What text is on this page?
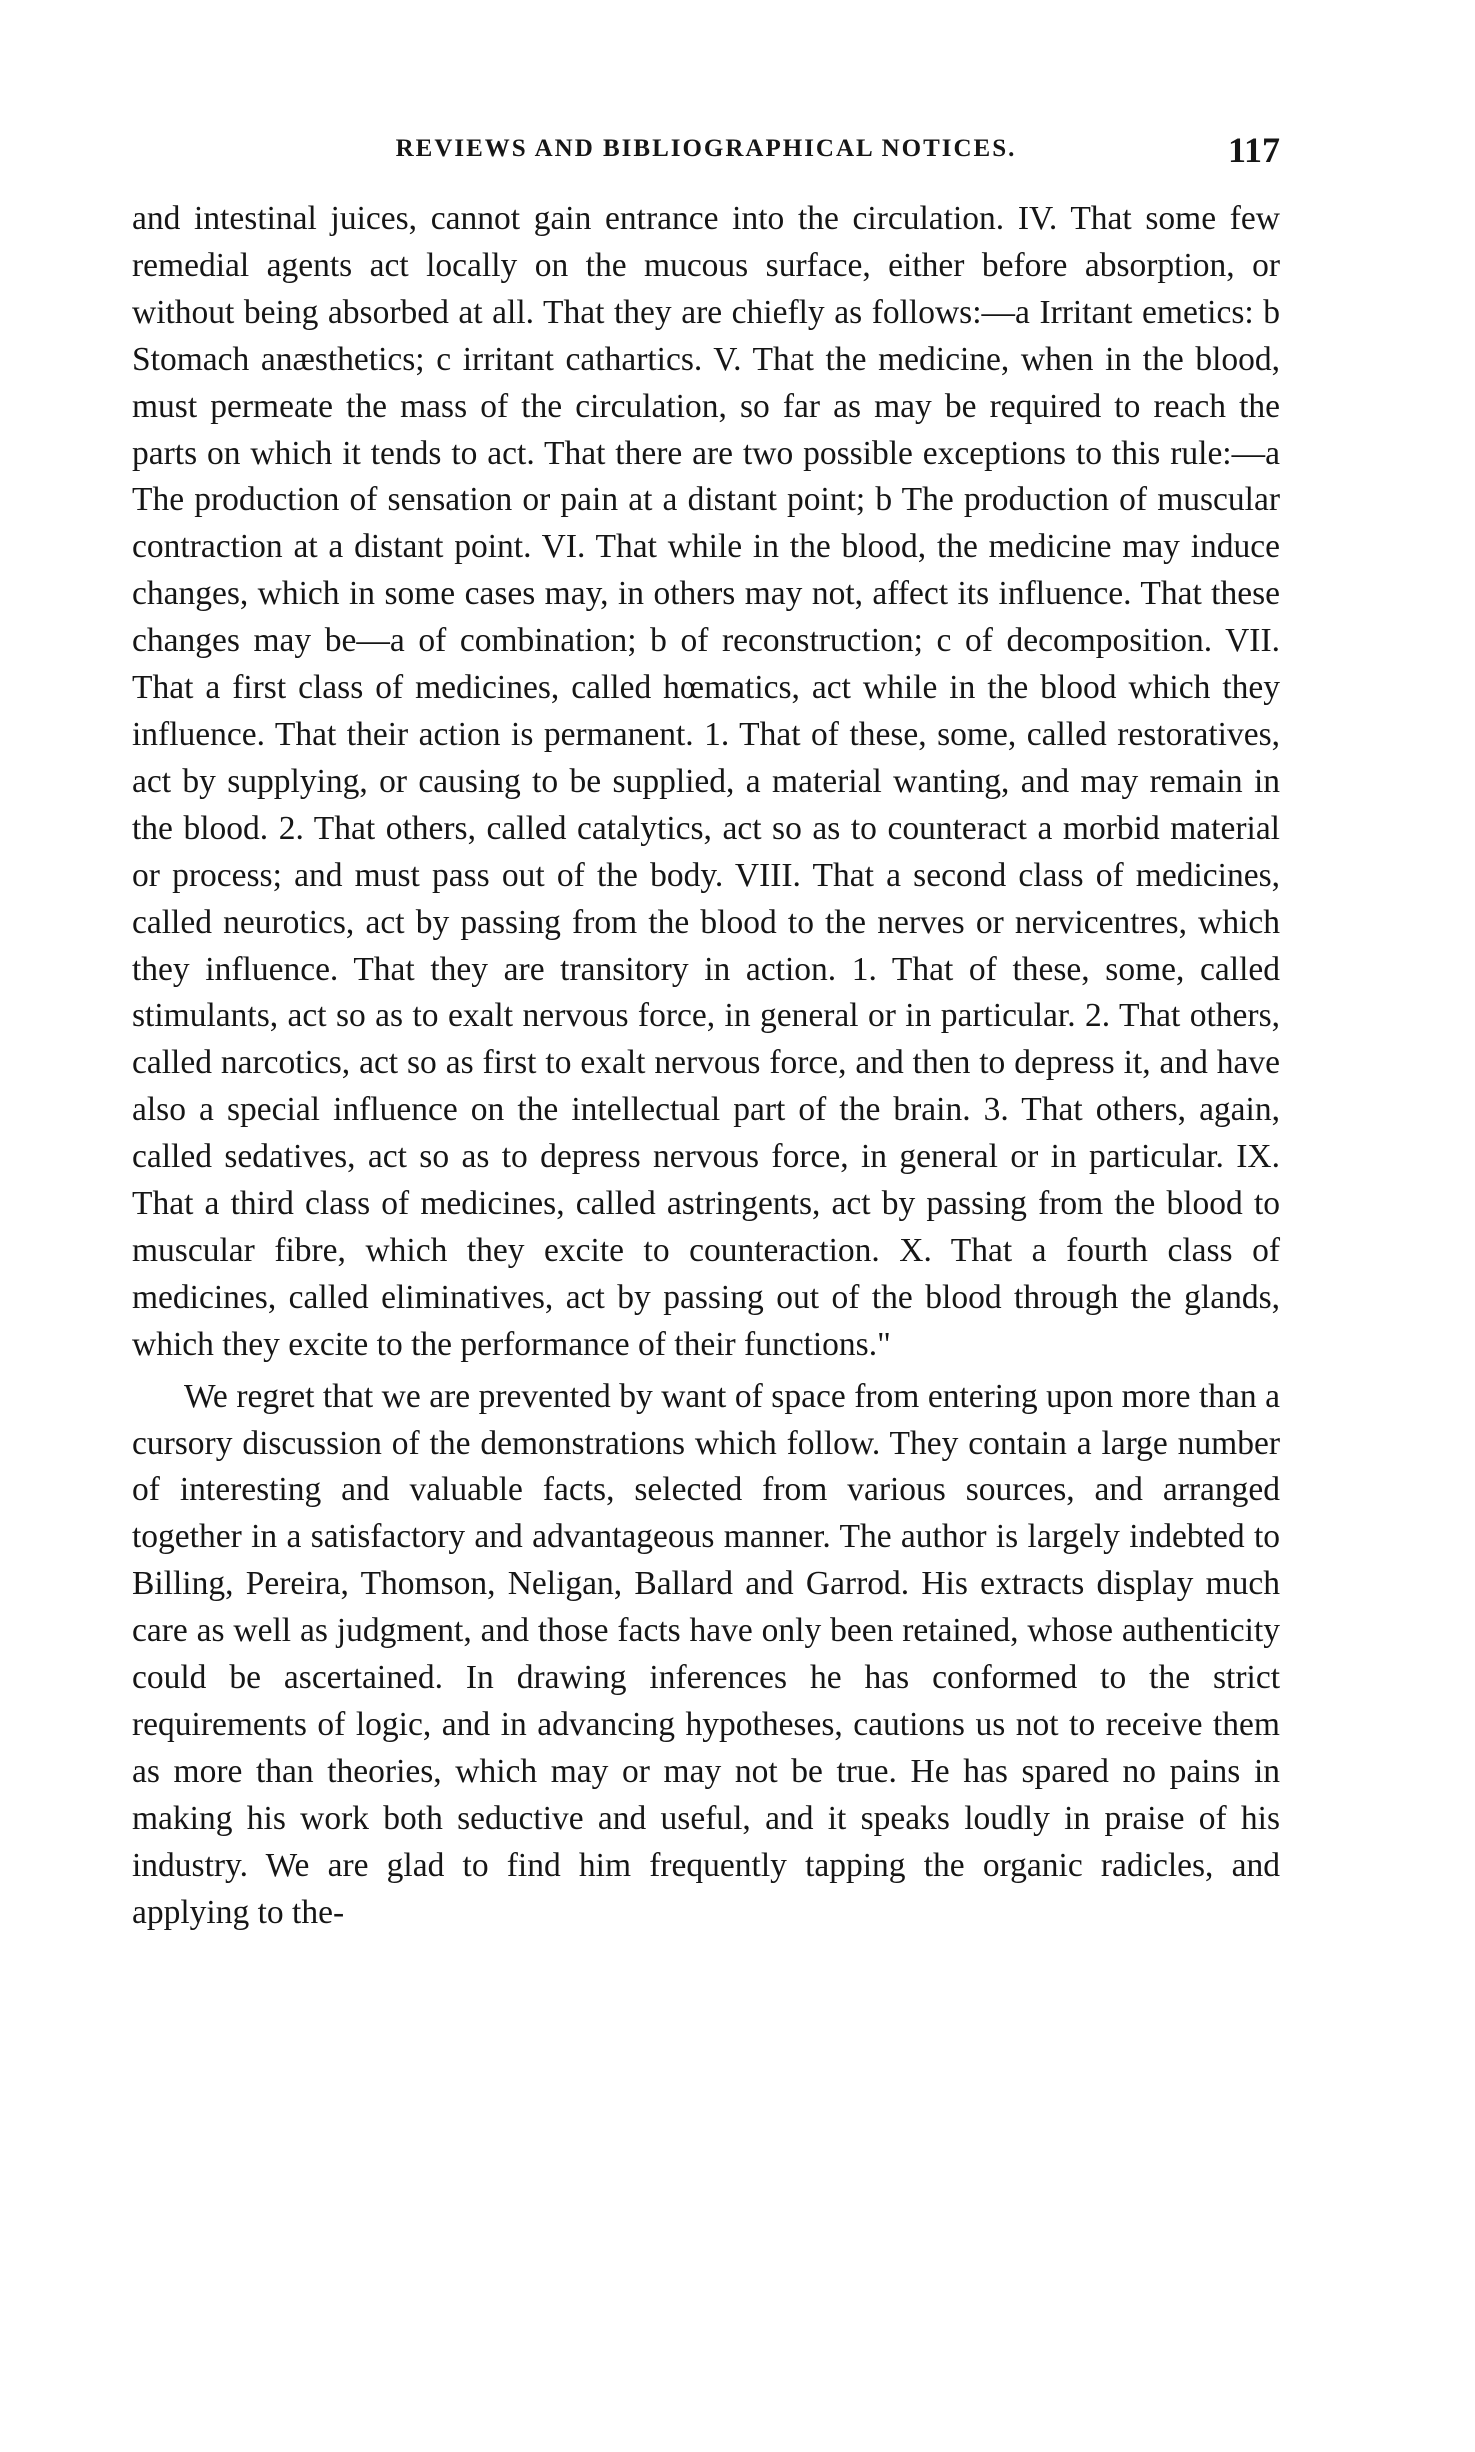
REVIEWS AND BIBLIOGRAPHICAL NOTICES.	117

and intestinal juices, cannot gain entrance into the circulation. IV. That some few remedial agents act locally on the mucous surface, either before absorption, or without being absorbed at all. That they are chiefly as follows:—a Irritant emetics: b Stomach anæsthetics; c irritant cathartics. V. That the medicine, when in the blood, must permeate the mass of the circulation, so far as may be required to reach the parts on which it tends to act. That there are two possible exceptions to this rule:—a The production of sensation or pain at a distant point; b The production of muscular contraction at a distant point. VI. That while in the blood, the medicine may induce changes, which in some cases may, in others may not, affect its influence. That these changes may be—a of combination; b of reconstruction; c of decomposition. VII. That a first class of medicines, called hœmatics, act while in the blood which they influence. That their action is permanent. 1. That of these, some, called restoratives, act by supplying, or causing to be supplied, a material wanting, and may remain in the blood. 2. That others, called catalytics, act so as to counteract a morbid material or process; and must pass out of the body. VIII. That a second class of medicines, called neurotics, act by passing from the blood to the nerves or nervicentres, which they influence. That they are transitory in action. 1. That of these, some, called stimulants, act so as to exalt nervous force, in general or in particular. 2. That others, called narcotics, act so as first to exalt nervous force, and then to depress it, and have also a special influence on the intellectual part of the brain. 3. That others, again, called sedatives, act so as to depress nervous force, in general or in particular. IX. That a third class of medicines, called astringents, act by passing from the blood to muscular fibre, which they excite to counteraction. X. That a fourth class of medicines, called eliminatives, act by passing out of the blood through the glands, which they excite to the performance of their functions."

We regret that we are prevented by want of space from entering upon more than a cursory discussion of the demonstrations which follow. They contain a large number of interesting and valuable facts, selected from various sources, and arranged together in a satisfactory and advantageous manner. The author is largely indebted to Billing, Pereira, Thomson, Neligan, Ballard and Garrod. His extracts display much care as well as judgment, and those facts have only been retained, whose authenticity could be ascertained. In drawing inferences he has conformed to the strict requirements of logic, and in advancing hypotheses, cautions us not to receive them as more than theories, which may or may not be true. He has spared no pains in making his work both seductive and useful, and it speaks loudly in praise of his industry. We are glad to find him frequently tapping the organic radicles, and applying to the-
